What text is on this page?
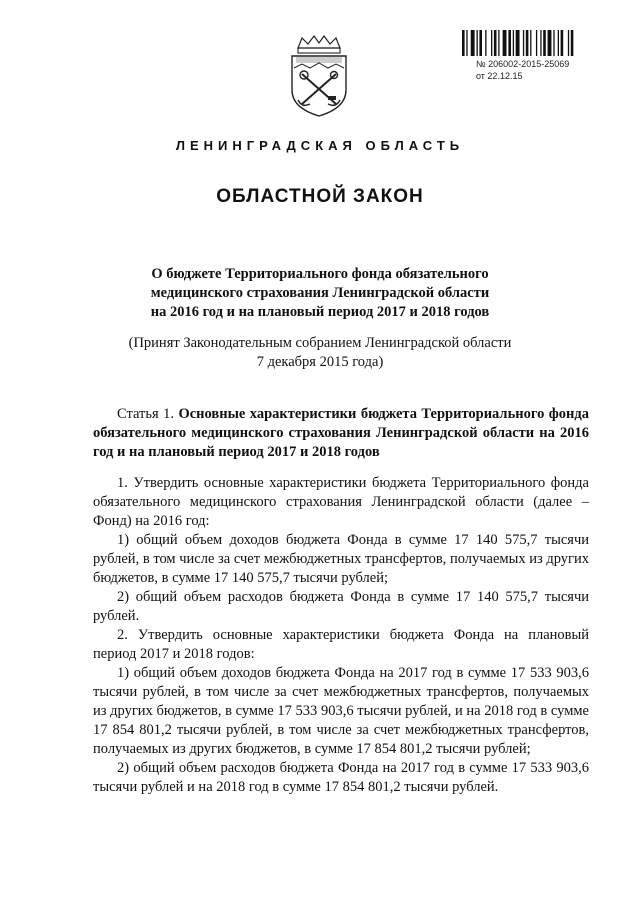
№ 206002-2015-25069
от 22.12.15
ЛЕНИНГРАДСКАЯ ОБЛАСТЬ
ОБЛАСТНОЙ ЗАКОН
О бюджете Территориального фонда обязательного
медицинского страхования Ленинградской области
на 2016 год и на плановый период 2017 и 2018 годов
(Принят Законодательным собранием Ленинградской области
7 декабря 2015 года)
Статья 1. Основные характеристики бюджета Территориального фонда обязательного медицинского страхования Ленинградской области на 2016 год и на плановый период 2017 и 2018 годов

1. Утвердить основные характеристики бюджета Территориального фонда обязательного медицинского страхования Ленинградской области (далее – Фонд) на 2016 год:

1) общий объем доходов бюджета Фонда в сумме 17 140 575,7 тысячи рублей, в том числе за счет межбюджетных трансфертов, получаемых из других бюджетов, в сумме 17 140 575,7 тысячи рублей;

2) общий объем расходов бюджета Фонда в сумме 17 140 575,7 тысячи рублей.

2. Утвердить основные характеристики бюджета Фонда на плановый период 2017 и 2018 годов:

1) общий объем доходов бюджета Фонда на 2017 год в сумме 17 533 903,6 тысячи рублей, в том числе за счет межбюджетных трансфертов, получаемых из других бюджетов, в сумме 17 533 903,6 тысячи рублей, и на 2018 год в сумме 17 854 801,2 тысячи рублей, в том числе за счет межбюджетных трансфертов, получаемых из других бюджетов, в сумме 17 854 801,2 тысячи рублей;

2) общий объем расходов бюджета Фонда на 2017 год в сумме 17 533 903,6 тысячи рублей и на 2018 год в сумме 17 854 801,2 тысячи рублей.
